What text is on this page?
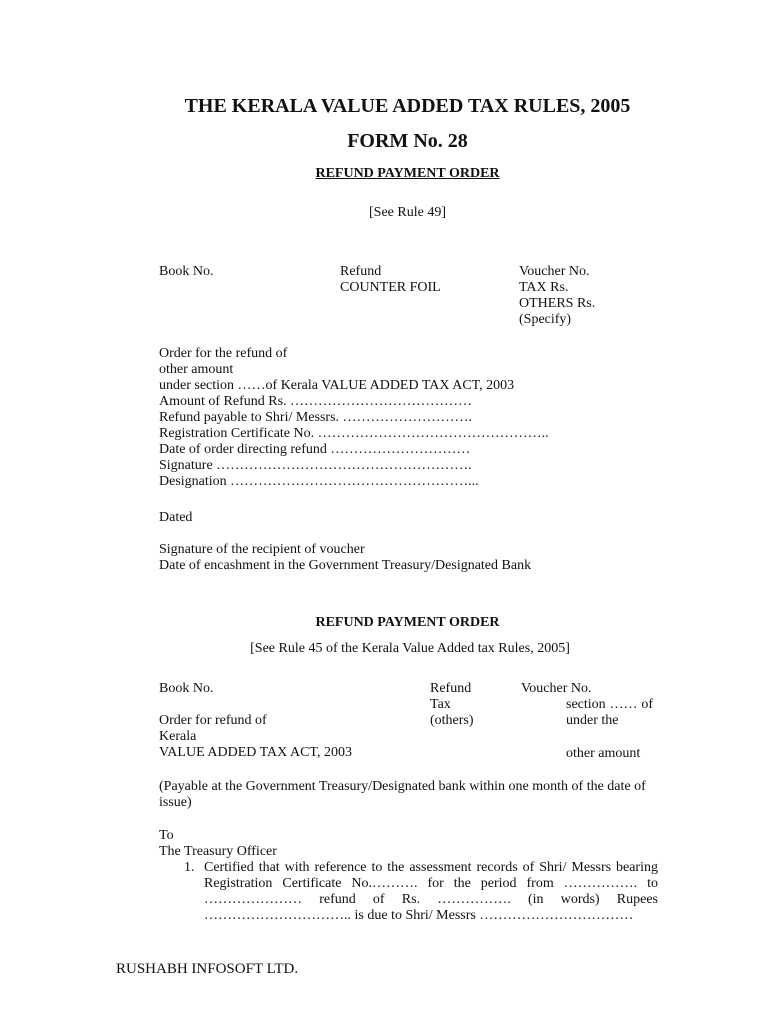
THE KERALA VALUE ADDED TAX RULES, 2005
FORM No. 28
REFUND PAYMENT ORDER
[See Rule 49]
Book No.	Refund
COUNTER FOIL
Voucher No.
TAX Rs.
OTHERS Rs.
(Specify)
Order for the refund of
other amount
under section ……of Kerala VALUE ADDED TAX ACT, 2003
Amount of Refund Rs. …………………………………
Refund payable to Shri/ Messrs. ……………………….
Registration Certificate No. …………………………………………..
Date of order directing refund …………………………
Signature ……………………………………………….
Designation ……………………………………………...
Dated
Signature of the recipient of voucher
Date of encashment in the Government Treasury/Designated Bank
REFUND PAYMENT ORDER
[See Rule 45 of the Kerala Value Added tax Rules, 2005]
Book No.	Refund
Tax
(others)
Voucher No.
section …… of
under the
other amount
Order for refund of
Kerala
VALUE ADDED TAX ACT, 2003
(Payable at the Government Treasury/Designated bank within one month of the date of
issue)
To
The Treasury Officer
1. Certified that with reference to the assessment records of Shri/ Messrs bearing
Registration Certificate No.………. for the period from ……………. to
………………… refund of Rs. ……………. (in words) Rupees
………………………….. is due to Shri/ Messrs ……………………………
RUSHABH INFOSOFT LTD.
